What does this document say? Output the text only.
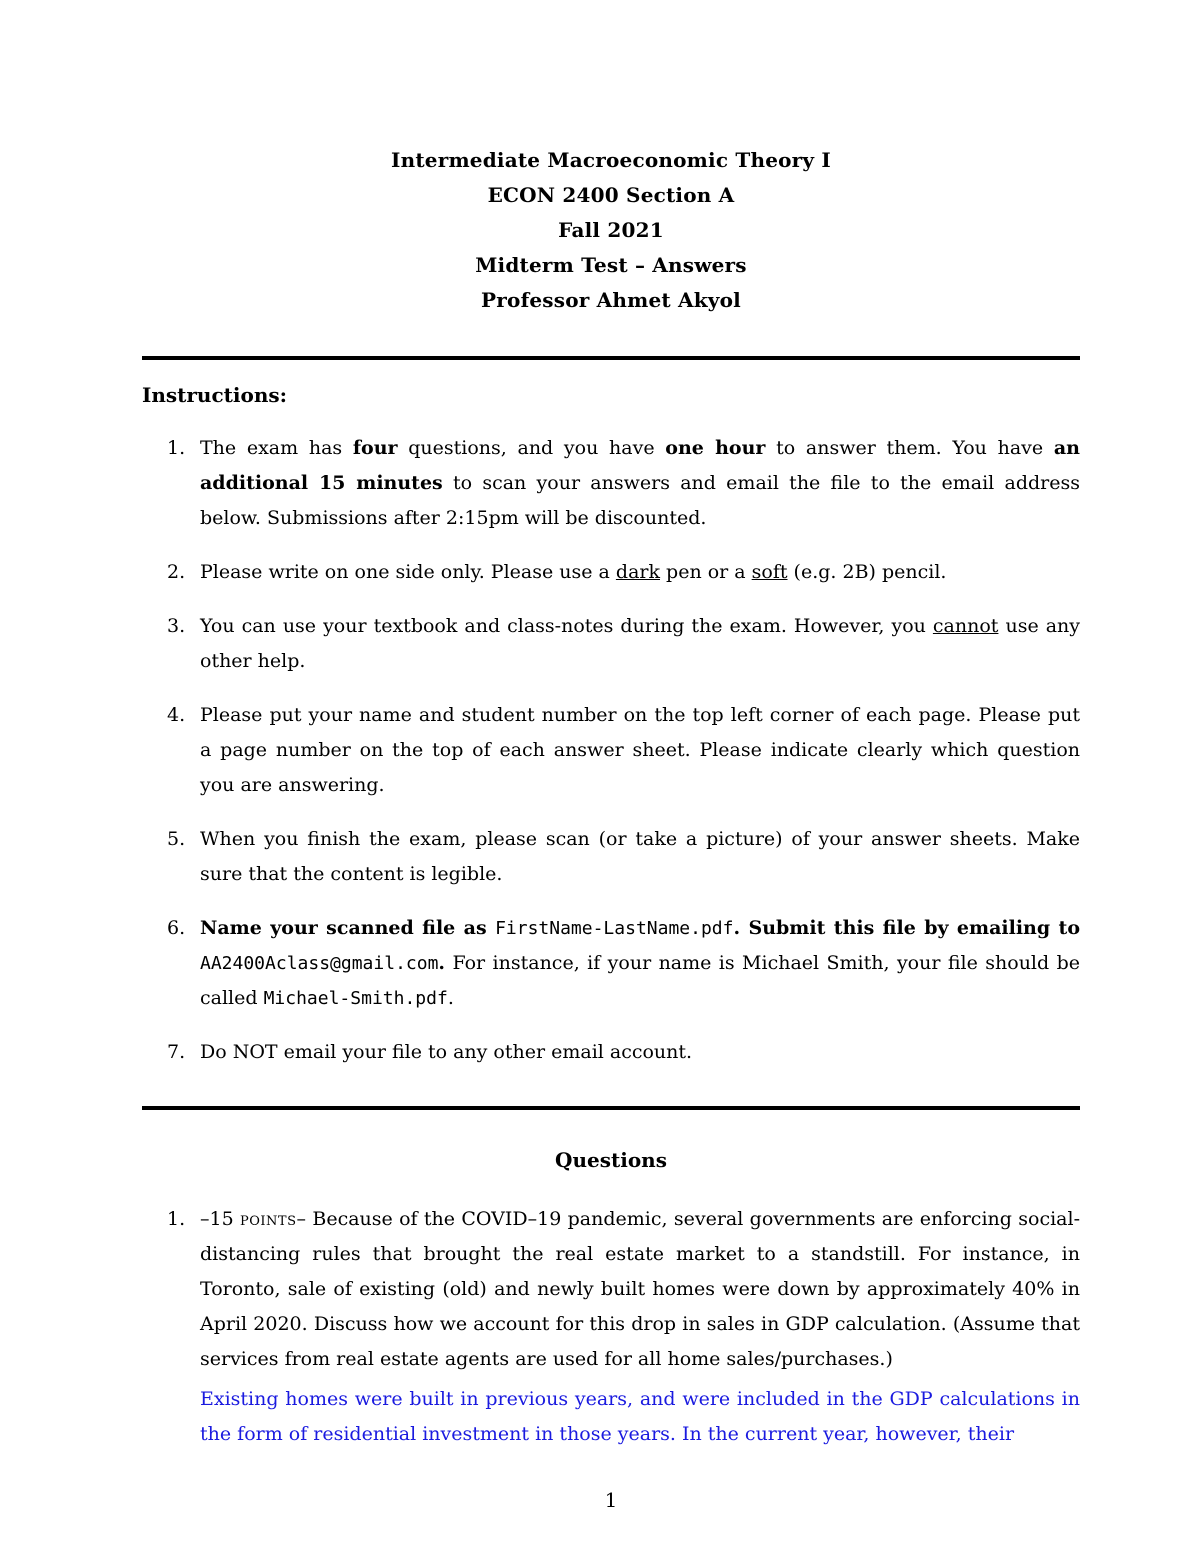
Intermediate Macroeconomic Theory I
ECON 2400 Section A
Fall 2021
Midterm Test – Answers
Professor Ahmet Akyol
Instructions:
1. The exam has four questions, and you have one hour to answer them. You have an additional 15 minutes to scan your answers and email the file to the email address below. Submissions after 2:15pm will be discounted.
2. Please write on one side only. Please use a dark pen or a soft (e.g. 2B) pencil.
3. You can use your textbook and class-notes during the exam. However, you cannot use any other help.
4. Please put your name and student number on the top left corner of each page. Please put a page number on the top of each answer sheet. Please indicate clearly which question you are answering.
5. When you finish the exam, please scan (or take a picture) of your answer sheets. Make sure that the content is legible.
6. Name your scanned file as FirstName-LastName.pdf. Submit this file by emailing to AA2400Aclass@gmail.com. For instance, if your name is Michael Smith, your file should be called Michael-Smith.pdf.
7. Do NOT email your file to any other email account.
Questions
1. –15 points– Because of the COVID–19 pandemic, several governments are enforcing social-distancing rules that brought the real estate market to a standstill. For instance, in Toronto, sale of existing (old) and newly built homes were down by approximately 40% in April 2020. Discuss how we account for this drop in sales in GDP calculation. (Assume that services from real estate agents are used for all home sales/purchases.)
Existing homes were built in previous years, and were included in the GDP calculations in the form of residential investment in those years. In the current year, however, their
1
